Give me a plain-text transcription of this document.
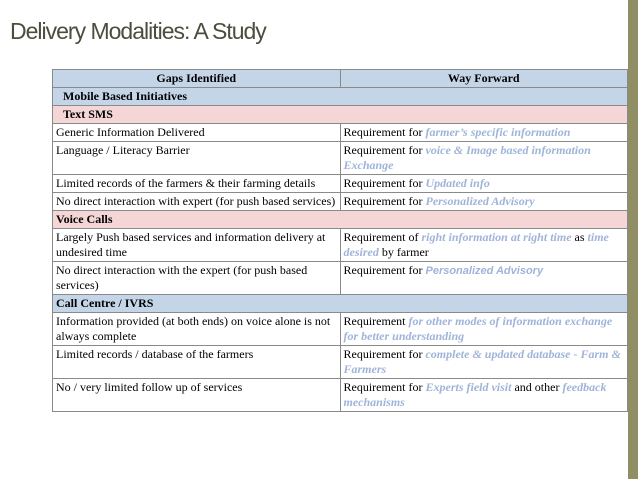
Delivery Modalities: A Study
Gaps Identified	Way Forward
Mobile Based Initiatives	
Text SMS	
Generic Information Delivered	Requirement for farmer’s specific information
Language / Literacy Barrier	Requirement for voice & Image based information Exchange
Limited records of the farmers & their farming details	Requirement for Updated info
No direct interaction with expert (for push based services)	Requirement for Personalized Advisory
Voice Calls	
Largely Push based services and information delivery at undesired time	Requirement of right information at right time as time desired by farmer
No direct interaction with the expert (for push based services)	Requirement for Personalized Advisory
Call Centre / IVRS	
Information provided (at both ends) on voice alone is not always complete	Requirement for other modes of information exchange for better understanding
Limited records / database of the farmers	Requirement for complete & updated database - Farm & Farmers
No / very limited follow up of services	Requirement for Experts field visit and other feedback mechanisms
